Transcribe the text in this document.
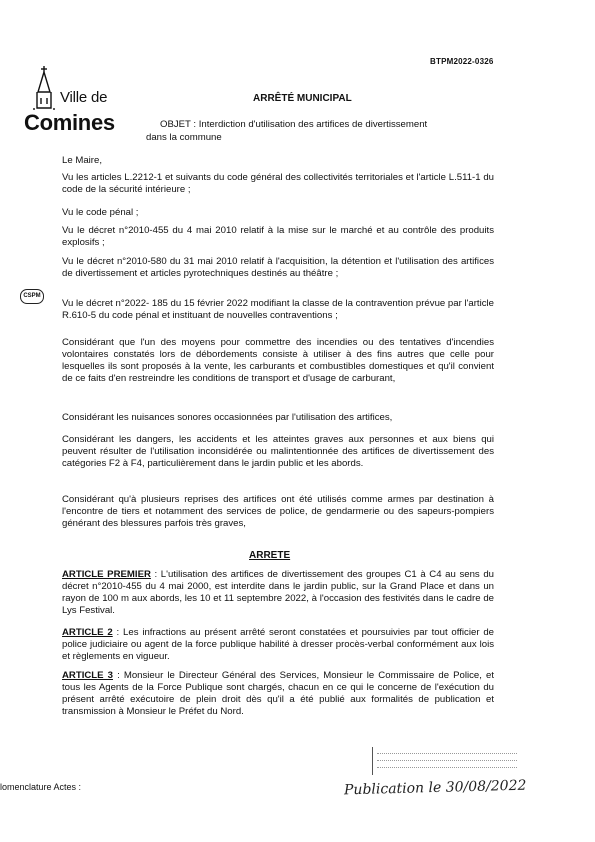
BTPM2022-0326
Ville de
Comines
ARRÊTÉ MUNICIPAL
OBJET : Interdiction d'utilisation des artifices de divertissement
dans la commune
CSPM
Le Maire,
Vu les articles L.2212-1 et suivants du code général des collectivités territoriales et l'article L.511-1 du code de la sécurité intérieure ;
Vu le code pénal ;
Vu le décret n°2010-455 du 4 mai 2010 relatif à la mise sur le marché et au contrôle des produits explosifs ;
Vu le décret n°2010-580 du 31 mai 2010 relatif à l'acquisition, la détention et l'utilisation des artifices de divertissement et articles pyrotechniques destinés au théâtre ;
Vu le décret n°2022- 185 du 15 février 2022 modifiant la classe de la contravention prévue par l'article R.610-5 du code pénal et instituant de nouvelles contraventions ;
Considérant que l'un des moyens pour commettre des incendies ou des tentatives d'incendies volontaires constatés lors de débordements consiste à utiliser à des fins autres que celle pour lesquelles ils sont proposés à la vente, les carburants et combustibles domestiques et qu'il convient de ce faits d'en restreindre les conditions de transport et d'usage de carburant,
Considérant les nuisances sonores occasionnées par l'utilisation des artifices,
Considérant les dangers, les accidents et les atteintes graves aux personnes et aux biens qui peuvent résulter de l'utilisation inconsidérée ou malintentionnée des artifices de divertissement des catégories F2 à F4, particulièrement dans le jardin public et les abords.
Considérant qu'à plusieurs reprises des artifices ont été utilisés comme armes par destination à l'encontre de tiers et notamment des services de police, de gendarmerie ou des sapeurs-pompiers générant des blessures parfois très graves,
ARRETE
ARTICLE PREMIER : L'utilisation des artifices de divertissement des groupes C1 à C4 au sens du décret n°2010-455 du 4 mai 2000, est interdite dans le jardin public, sur la Grand Place et dans un rayon de 100 m aux abords, les 10 et 11 septembre 2022, à l'occasion des festivités dans le cadre de Lys Festival.
ARTICLE 2 : Les infractions au présent arrêté seront constatées et poursuivies par tout officier de police judiciaire ou agent de la force publique habilité à dresser procès-verbal conformément aux lois et règlements en vigueur.
ARTICLE 3 : Monsieur le Directeur Général des Services, Monsieur le Commissaire de Police, et tous les Agents de la Force Publique sont chargés, chacun en ce qui le concerne de l'exécution du présent arrêté exécutoire de plein droit dès qu'il a été publié aux formalités de publication et transmission à Monsieur le Préfet du Nord.

lomenclature Actes :	Publication le 30/08/2022
